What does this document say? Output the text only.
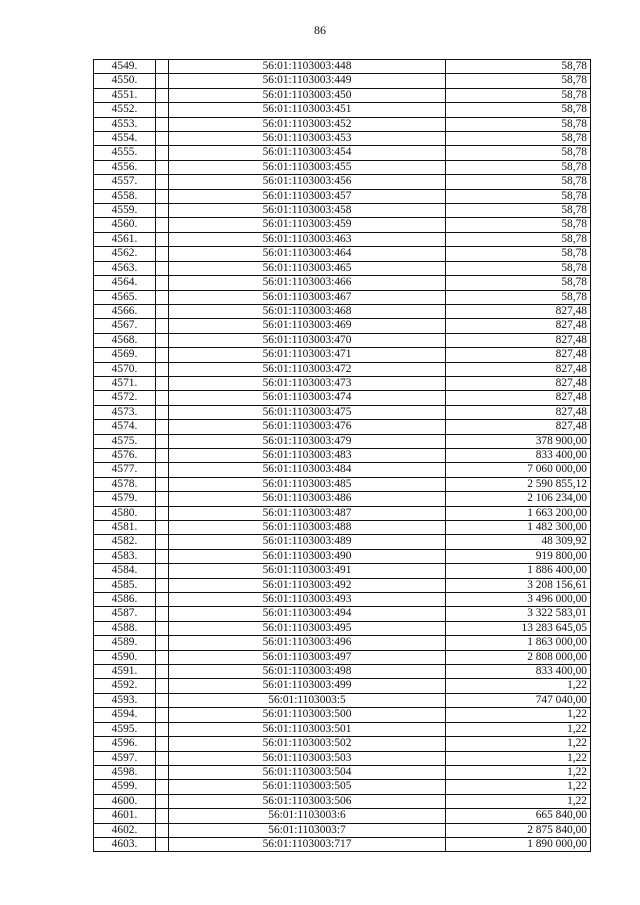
86
4549.		56:01:1103003:448	58,78
4550.		56:01:1103003:449	58,78
4551.		56:01:1103003:450	58,78
4552.		56:01:1103003:451	58,78
4553.		56:01:1103003:452	58,78
4554.		56:01:1103003:453	58,78
4555.		56:01:1103003:454	58,78
4556.		56:01:1103003:455	58,78
4557.		56:01:1103003:456	58,78
4558.		56:01:1103003:457	58,78
4559.		56:01:1103003:458	58,78
4560.		56:01:1103003:459	58,78
4561.		56:01:1103003:463	58,78
4562.		56:01:1103003:464	58,78
4563.		56:01:1103003:465	58,78
4564.		56:01:1103003:466	58,78
4565.		56:01:1103003:467	58,78
4566.		56:01:1103003:468	827,48
4567.		56:01:1103003:469	827,48
4568.		56:01:1103003:470	827,48
4569.		56:01:1103003:471	827,48
4570.		56:01:1103003:472	827,48
4571.		56:01:1103003:473	827,48
4572.		56:01:1103003:474	827,48
4573.		56:01:1103003:475	827,48
4574.		56:01:1103003:476	827,48
4575.		56:01:1103003:479	378 900,00
4576.		56:01:1103003:483	833 400,00
4577.		56:01:1103003:484	7 060 000,00
4578.		56:01:1103003:485	2 590 855,12
4579.		56:01:1103003:486	2 106 234,00
4580.		56:01:1103003:487	1 663 200,00
4581.		56:01:1103003:488	1 482 300,00
4582.		56:01:1103003:489	48 309,92
4583.		56:01:1103003:490	919 800,00
4584.		56:01:1103003:491	1 886 400,00
4585.		56:01:1103003:492	3 208 156,61
4586.		56:01:1103003:493	3 496 000,00
4587.		56:01:1103003:494	3 322 583,01
4588.		56:01:1103003:495	13 283 645,05
4589.		56:01:1103003:496	1 863 000,00
4590.		56:01:1103003:497	2 808 000,00
4591.		56:01:1103003:498	833 400,00
4592.		56:01:1103003:499	1,22
4593.		56:01:1103003:5	747 040,00
4594.		56:01:1103003:500	1,22
4595.		56:01:1103003:501	1,22
4596.		56:01:1103003:502	1,22
4597.		56:01:1103003:503	1,22
4598.		56:01:1103003:504	1,22
4599.		56:01:1103003:505	1,22
4600.		56:01:1103003:506	1,22
4601.		56:01:1103003:6	665 840,00
4602.		56:01:1103003:7	2 875 840,00
4603.		56:01:1103003:717	1 890 000,00
